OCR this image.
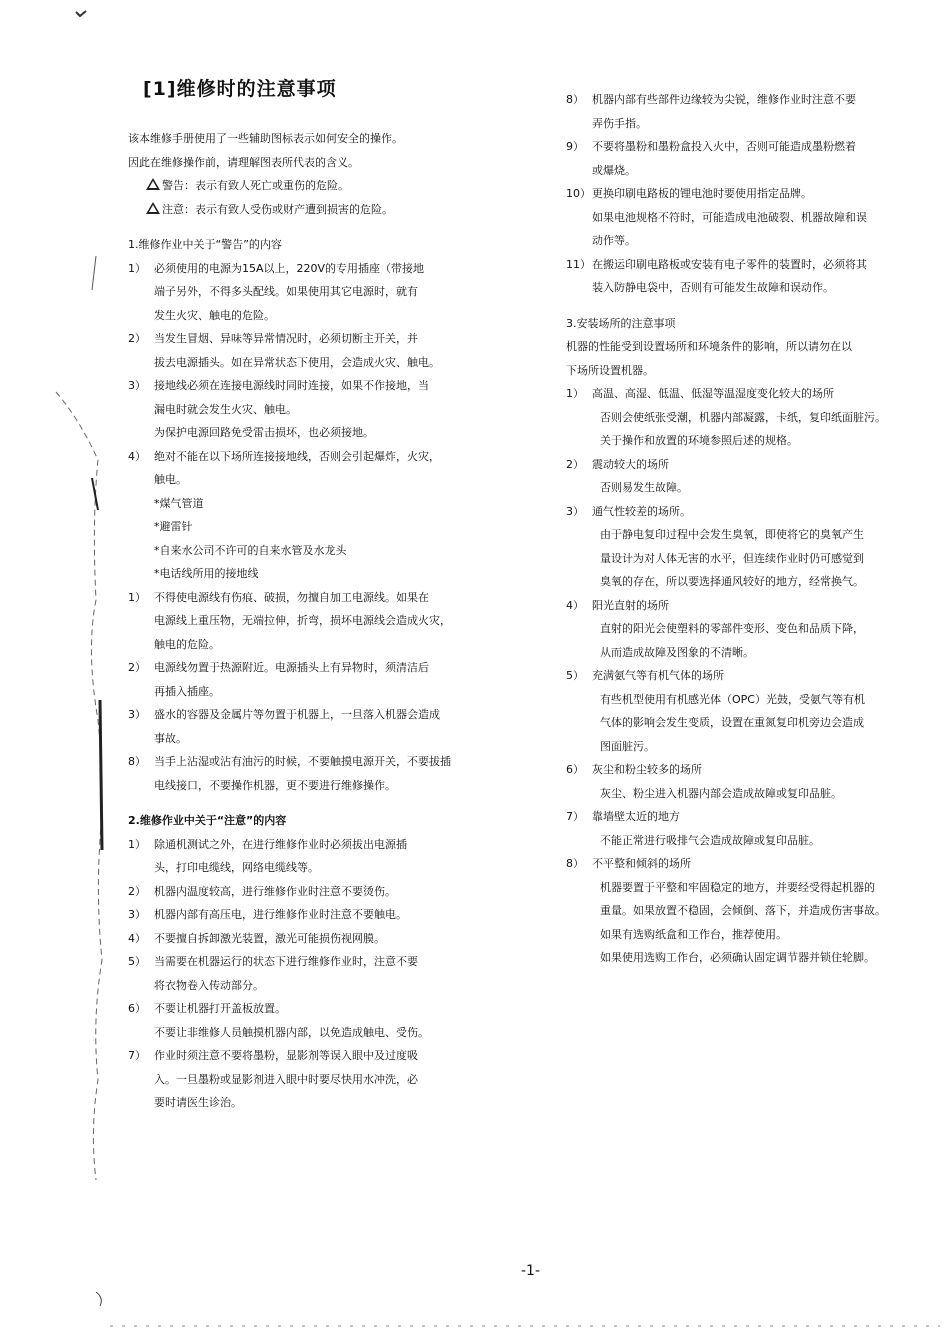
[1]维修时的注意事项
该本维修手册使用了一些辅助图标表示如何安全的操作。
因此在维修操作前，请理解图表所代表的含义。
警告：表示有致人死亡或重伤的危险。
注意：表示有致人受伤或财产遭到损害的危险。
1.维修作业中关于“警告”的内容
1） 必须使用的电源为15A以上，220V的专用插座（带接地
端子另外，不得多头配线。如果使用其它电源时，就有
发生火灾、触电的危险。
2） 当发生冒烟、异味等异常情况时，必须切断主开关，并
拔去电源插头。如在异常状态下使用，会造成火灾、触电。
3） 接地线必须在连接电源线时同时连接，如果不作接地，当
漏电时就会发生火灾、触电。
为保护电源回路免受雷击损坏，也必须接地。
4） 绝对不能在以下场所连接接地线，否则会引起爆炸，火灾，
触电。
*煤气管道
*避雷针
*自来水公司不许可的自来水管及水龙头
*电话线所用的接地线
1） 不得使电源线有伤痕、破损，勿擅自加工电源线。如果在
电源线上重压物，无端拉伸，折弯，损坏电源线会造成火灾，
触电的危险。
2） 电源线勿置于热源附近。电源插头上有异物时，须清洁后
再插入插座。
3） 盛水的容器及金属片等勿置于机器上，一旦落入机器会造成
事故。
8） 当手上沾湿或沾有油污的时候，不要触摸电源开关，不要拔插
电线接口，不要操作机器，更不要进行维修操作。
2.维修作业中关于“注意”的内容
1） 除通机测试之外，在进行维修作业时必须拔出电源插
头，打印电缆线，网络电缆线等。
2） 机器内温度较高，进行维修作业时注意不要烫伤。
3） 机器内部有高压电，进行维修作业时注意不要触电。
4） 不要擅自拆卸激光装置，激光可能损伤视网膜。
5） 当需要在机器运行的状态下进行维修作业时，注意不要
将衣物卷入传动部分。
6） 不要让机器打开盖板放置。
不要让非维修人员触摸机器内部，以免造成触电、受伤。
7） 作业时须注意不要将墨粉，显影剂等误入眼中及过度吸
入。一旦墨粉或显影剂进入眼中时要尽快用水冲洗，必
要时请医生诊治。
8） 机器内部有些部件边缘较为尖锐，维修作业时注意不要
弄伤手指。
9） 不要将墨粉和墨粉盒投入火中，否则可能造成墨粉燃着
或爆烧。
10）更换印刷电路板的锂电池时要使用指定品牌。
如果电池规格不符时，可能造成电池破裂、机器故障和误
动作等。
11）在搬运印刷电路板或安装有电子零件的装置时，必须将其
装入防静电袋中，否则有可能发生故障和误动作。
3.安装场所的注意事项
机器的性能受到设置场所和环境条件的影响，所以请勿在以
下场所设置机器。
1） 高温、高湿、低温、低湿等温湿度变化较大的场所
否则会使纸张受潮，机器内部凝露，卡纸，复印纸面脏污。
关于操作和放置的环境参照后述的规格。
2） 震动较大的场所
否则易发生故障。
3） 通气性较差的场所。
由于静电复印过程中会发生臭氧，即使将它的臭氧产生
量设计为对人体无害的水平，但连续作业时仍可感觉到
臭氧的存在，所以要选择通风较好的地方，经常换气。
4） 阳光直射的场所
直射的阳光会使塑料的零部件变形、变色和品质下降，
从而造成故障及图象的不清晰。
5） 充满氨气等有机气体的场所
有些机型使用有机感光体（OPC）光鼓，受氨气等有机
气体的影响会发生变质，设置在重氮复印机旁边会造成
图面脏污。
6） 灰尘和粉尘较多的场所
灰尘、粉尘进入机器内部会造成故障或复印品脏。
7） 靠墙壁太近的地方
不能正常进行吸排气会造成故障或复印品脏。
8） 不平整和倾斜的场所
机器要置于平整和牢固稳定的地方，并要经受得起机器的
重量。如果放置不稳固，会倾倒、落下，并造成伤害事故。
如果有选购纸盒和工作台，推荐使用。
如果使用选购工作台，必须确认固定调节器并锁住轮脚。
-1-
